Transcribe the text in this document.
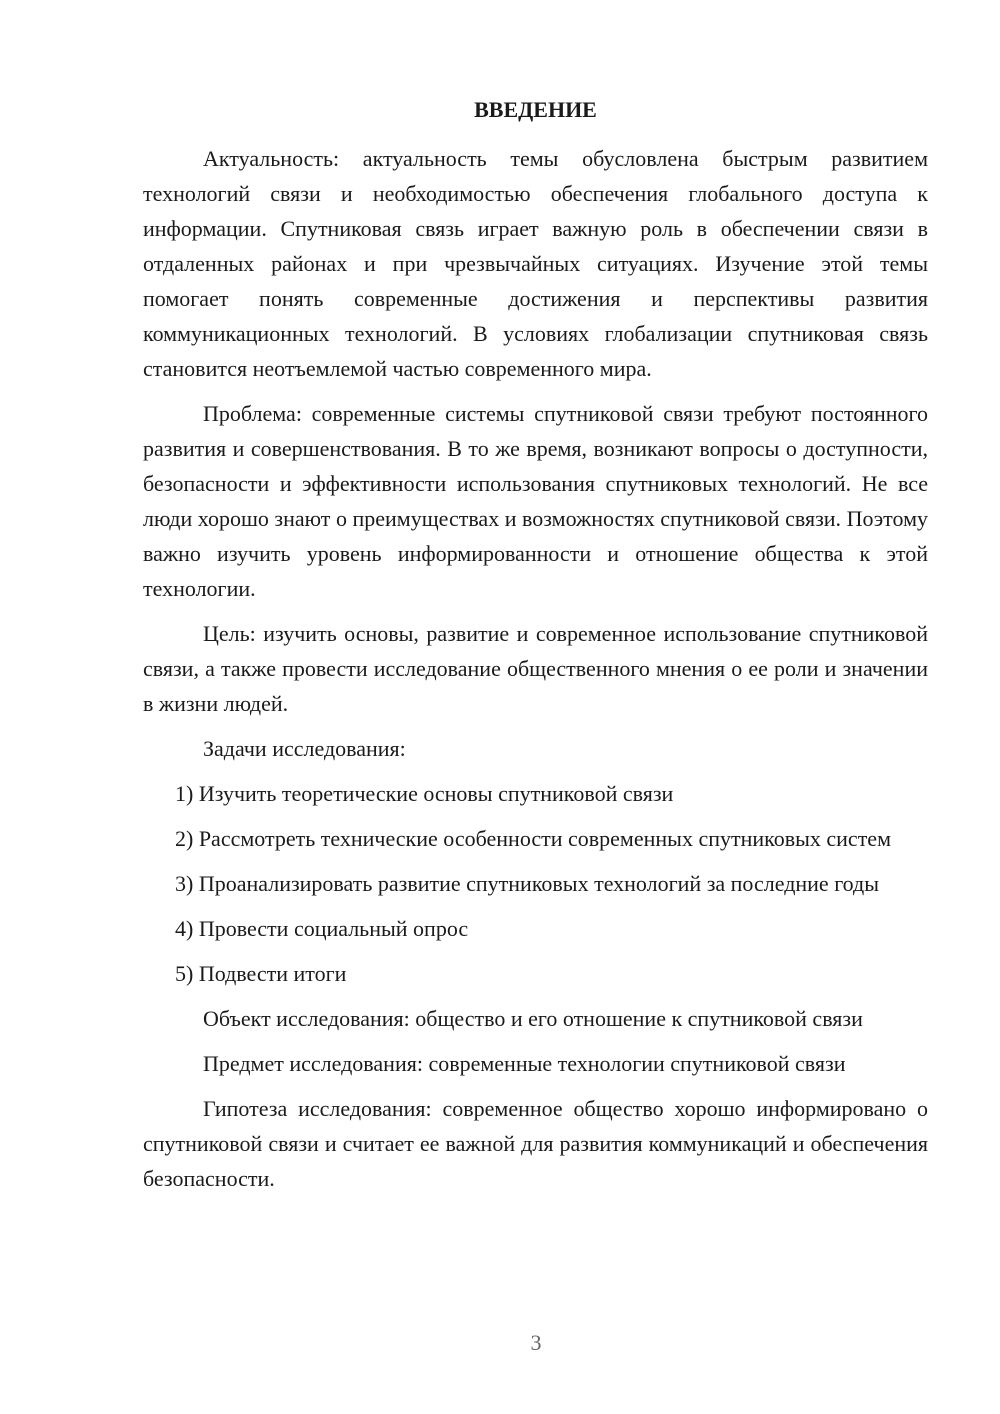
ВВЕДЕНИЕ

Актуальность: актуальность темы обусловлена быстрым развитием технологий связи и необходимостью обеспечения глобального доступа к информации. Спутниковая связь играет важную роль в обеспечении связи в отдаленных районах и при чрезвычайных ситуациях. Изучение этой темы помогает понять современные достижения и перспективы развития коммуникационных технологий. В условиях глобализации спутниковая связь становится неотъемлемой частью современного мира.

Проблема: современные системы спутниковой связи требуют постоянного развития и совершенствования. В то же время, возникают вопросы о доступности, безопасности и эффективности использования спутниковых технологий. Не все люди хорошо знают о преимуществах и возможностях спутниковой связи. Поэтому важно изучить уровень информированности и отношение общества к этой технологии.

Цель: изучить основы, развитие и современное использование спутниковой связи, а также провести исследование общественного мнения о ее роли и значении в жизни людей.

Задачи исследования:

1) Изучить теоретические основы спутниковой связи

2) Рассмотреть технические особенности современных спутниковых систем

3) Проанализировать развитие спутниковых технологий за последние годы

4) Провести социальный опрос

5) Подвести итоги

Объект исследования: общество и его отношение к спутниковой связи

Предмет исследования: современные технологии спутниковой связи

Гипотеза исследования: современное общество хорошо информировано о спутниковой связи и считает ее важной для развития коммуникаций и обеспечения безопасности.

3
